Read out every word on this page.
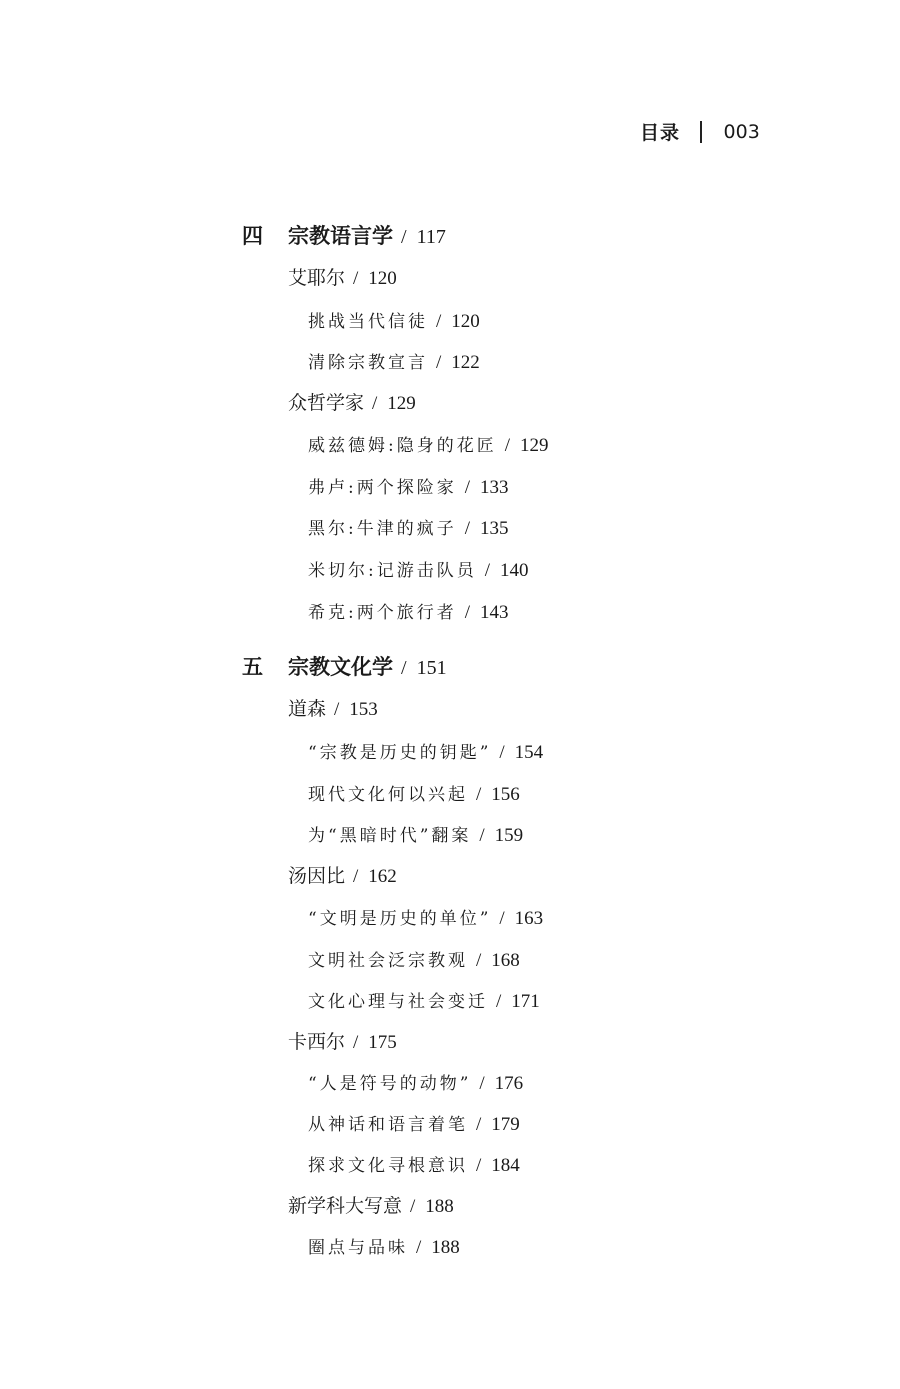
目录 003
四 宗教语言学 / 117
艾耶尔 / 120
挑战当代信徒 / 120
清除宗教宣言 / 122
众哲学家 / 129
威兹德姆:隐身的花匠 / 129
弗卢:两个探险家 / 133
黑尔:牛津的疯子 / 135
米切尔:记游击队员 / 140
希克:两个旅行者 / 143
五 宗教文化学 / 151
道森 / 153
“宗教是历史的钥匙” / 154
现代文化何以兴起 / 156
为“黑暗时代”翻案 / 159
汤因比 / 162
“文明是历史的单位” / 163
文明社会泛宗教观 / 168
文化心理与社会变迁 / 171
卡西尔 / 175
“人是符号的动物” / 176
从神话和语言着笔 / 179
探求文化寻根意识 / 184
新学科大写意 / 188
圈点与品味 / 188
